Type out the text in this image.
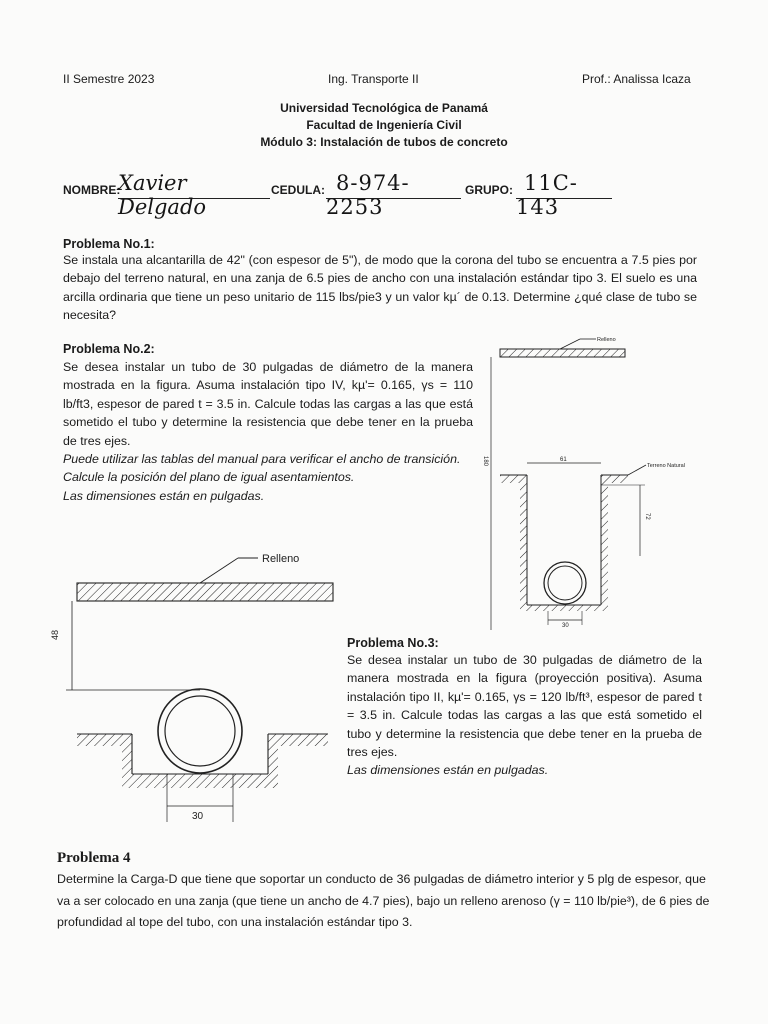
II Semestre 2023	Ing. Transporte II	Prof.: Analissa Icaza
Universidad Tecnológica de Panamá
Facultad de Ingeniería Civil
Módulo 3: Instalación de tubos de concreto
NOMBRE:
Xavier Delgado
CEDULA: 8-974-2253
GRUPO: 11C-143
Problema No.1:
Se instala una alcantarilla de 42" (con espesor de 5"), de modo que la corona del tubo se encuentra a 7.5 pies por debajo del terreno natural, en una zanja de 6.5 pies de ancho con una instalación estándar tipo 3. El suelo es una arcilla ordinaria que tiene un peso unitario de 115 lbs/pie3 y un valor kµ´ de 0.13. Determine ¿qué clase de tubo se necesita?
Problema No.2:
Se desea instalar un tubo de 30 pulgadas de diámetro de la manera mostrada en la figura. Asuma instalación tipo IV, kµ'= 0.165, γs = 110 lb/ft3, espesor de pared t = 3.5 in. Calcule todas las cargas a las que está sometido el tubo y determine la resistencia que debe tener en la prueba de tres ejes.
Puede utilizar las tablas del manual para verificar el ancho de transición.
Calcule la posición del plano de igual asentamientos.
Las dimensiones están en pulgadas.
Relleno
180	Terreno Natural
61
72
30
Relleno
48
30
Problema No.3:
Se desea instalar un tubo de 30 pulgadas de diámetro de la manera mostrada en la figura (proyección positiva). Asuma instalación tipo II, kµ'= 0.165, γs = 120 lb/ft³, espesor de pared t = 3.5 in. Calcule todas las cargas a las que está sometido el tubo y determine la resistencia que debe tener en la prueba de tres ejes.
Las dimensiones están en pulgadas.
Problema 4
Determine la Carga-D que tiene que soportar un conducto de 36 pulgadas de diámetro interior y 5 plg de espesor, que va a ser colocado en una zanja (que tiene un ancho de 4.7 pies), bajo un relleno arenoso (γ = 110 lb/pie³), de 6 pies de profundidad al tope del tubo, con una instalación estándar tipo 3.
